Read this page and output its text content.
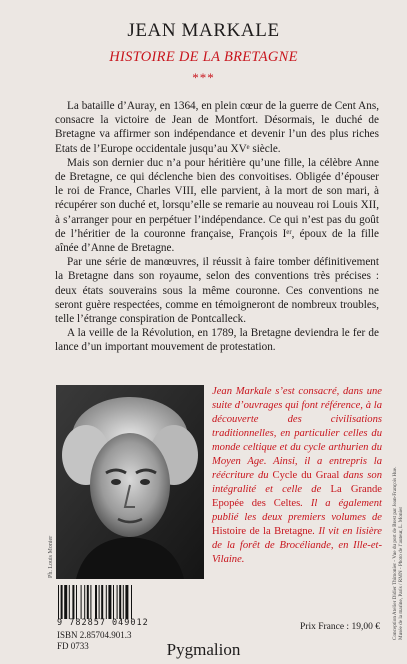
JEAN MARKALE
HISTOIRE DE LA BRETAGNE
***

La bataille d’Auray, en 1364, en plein cœur de la guerre de Cent Ans, consacre la victoire de Jean de Montfort. Désormais, le duché de Bretagne va affirmer son indépendance et devenir l’un des plus riches Etats de l’Europe occidentale jusqu’au XVᵉ siècle.

Mais son dernier duc n’a pour héritière qu’une fille, la célèbre Anne de Bretagne, ce qui déclenche bien des convoitises. Obligée d’épouser le roi de France, Charles VIII, elle parvient, à la mort de son mari, à récupérer son duché et, lorsqu’elle se remarie au nouveau roi Louis XII, à s’arranger pour en perpétuer l’indépendance. Ce qui n’est pas du goût de l’héritier de la couronne française, François Iᵉʳ, époux de la fille aînée d’Anne de Bretagne.

Par une série de manœuvres, il réussit à faire tomber définitivement la Bretagne dans son royaume, selon des conventions très précises : deux états souverains sous la même couronne. Ces conventions ne seront guère respectées, comme en témoigneront de nombreux troubles, telle l’étrange conspiration de Pontcalleck.

A la veille de la Révolution, en 1789, la Bretagne deviendra le fer de lance d’un important mouvement de protestation.

Ph. Louis Monier
Jean Markale s’est consacré, dans une suite d’ouvrages qui font référence, à la découverte des civilisations traditionnelles, en particulier celles du monde celtique et du cycle arthurien du Moyen Age. Ainsi, il a entrepris la réécriture du Cycle du Graal dans son intégralité et celle de La Grande Epopée des Celtes. Il a également publié les deux premiers volumes de Histoire de la Bretagne. Il vit en lisière de la forêt de Brocéliande, en Ille-et-Vilaine.
9 782857 049012
ISBN 2.85704.901.3
FD 0733
Prix France : 19,00 €
Pygmalion
Conception Atelier Didier Thimonier - Vue du port de Brest par Jean-François Hue. Musée de la marine, Paris / RMN - Photo de l’auteur, L. Monier
